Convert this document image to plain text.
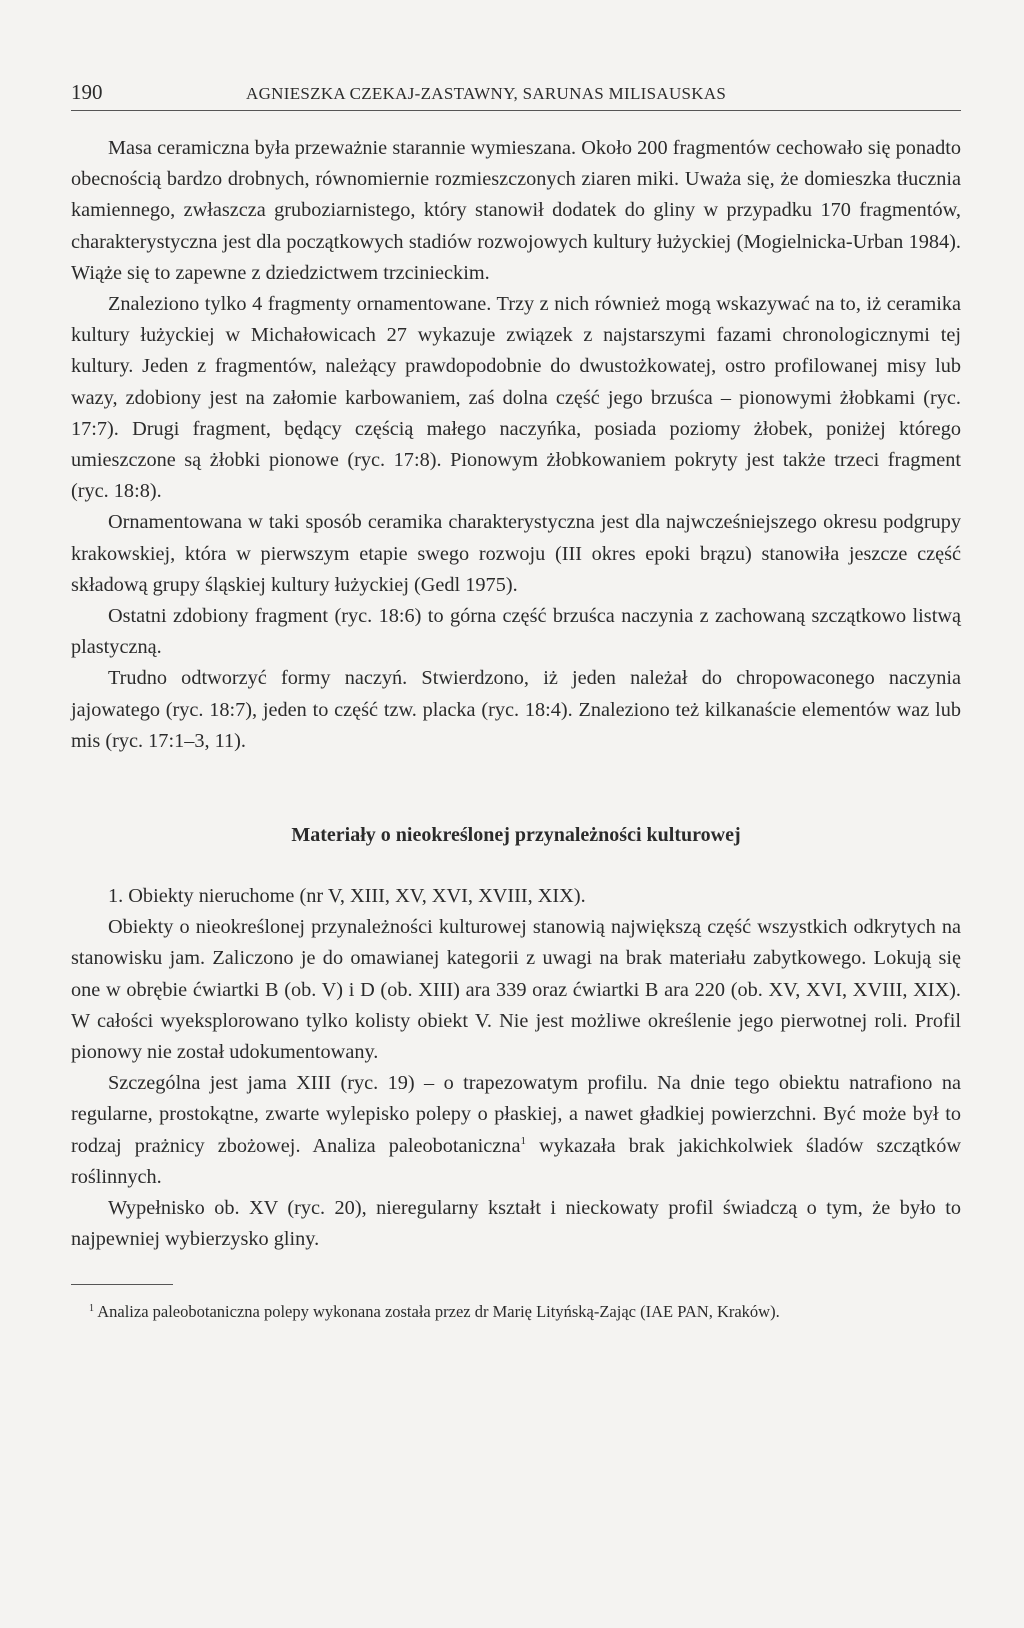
190	AGNIESZKA CZEKAJ-ZASTAWNY, SARUNAS MILISAUSKAS

Masa ceramiczna była przeważnie starannie wymieszana. Około 200 fragmentów cechowało się ponadto obecnością bardzo drobnych, równomiernie rozmieszczonych ziaren miki. Uważa się, że domieszka tłucznia kamiennego, zwłaszcza gruboziarnistego, który stanowił dodatek do gliny w przypadku 170 fragmentów, charakterystyczna jest dla początkowych stadiów rozwojowych kultury łużyckiej (Mogielnicka-Urban 1984). Wiąże się to zapewne z dziedzictwem trzcinieckim.

Znaleziono tylko 4 fragmenty ornamentowane. Trzy z nich również mogą wskazywać na to, iż ceramika kultury łużyckiej w Michałowicach 27 wykazuje związek z najstarszymi fazami chronologicznymi tej kultury. Jeden z fragmentów, należący prawdopodobnie do dwustożkowatej, ostro profilowanej misy lub wazy, zdobiony jest na załomie karbowaniem, zaś dolna część jego brzuśca – pionowymi żłobkami (ryc. 17:7). Drugi fragment, będący częścią małego naczyńka, posiada poziomy żłobek, poniżej którego umieszczone są żłobki pionowe (ryc. 17:8). Pionowym żłobkowaniem pokryty jest także trzeci fragment (ryc. 18:8).

Ornamentowana w taki sposób ceramika charakterystyczna jest dla najwcześniejszego okresu podgrupy krakowskiej, która w pierwszym etapie swego rozwoju (III okres epoki brązu) stanowiła jeszcze część składową grupy śląskiej kultury łużyckiej (Gedl 1975).

Ostatni zdobiony fragment (ryc. 18:6) to górna część brzuśca naczynia z zachowaną szczątkowo listwą plastyczną.

Trudno odtworzyć formy naczyń. Stwierdzono, iż jeden należał do chropowaconego naczynia jajowatego (ryc. 18:7), jeden to część tzw. placka (ryc. 18:4). Znaleziono też kilkanaście elementów waz lub mis (ryc. 17:1–3, 11).

Materiały o nieokreślonej przynależności kulturowej

1. Obiekty nieruchome (nr V, XIII, XV, XVI, XVIII, XIX).

Obiekty o nieokreślonej przynależności kulturowej stanowią największą część wszystkich odkrytych na stanowisku jam. Zaliczono je do omawianej kategorii z uwagi na brak materiału zabytkowego. Lokują się one w obrębie ćwiartki B (ob. V) i D (ob. XIII) ara 339 oraz ćwiartki B ara 220 (ob. XV, XVI, XVIII, XIX). W całości wyeksplorowano tylko kolisty obiekt V. Nie jest możliwe określenie jego pierwotnej roli. Profil pionowy nie został udokumentowany.

Szczególna jest jama XIII (ryc. 19) – o trapezowatym profilu. Na dnie tego obiektu natrafiono na regularne, prostokątne, zwarte wylepisko polepy o płaskiej, a nawet gładkiej powierzchni. Być może był to rodzaj prażnicy zbożowej. Analiza paleobotaniczna$^1$ wykazała brak jakichkolwiek śladów szczątków roślinnych.

Wypełnisko ob. XV (ryc. 20), nieregularny kształt i nieckowaty profil świadczą o tym, że było to najpewniej wybierzysko gliny.

$^1$ Analiza paleobotaniczna polepy wykonana została przez dr Marię Lityńską-Zając (IAE PAN, Kraków).
